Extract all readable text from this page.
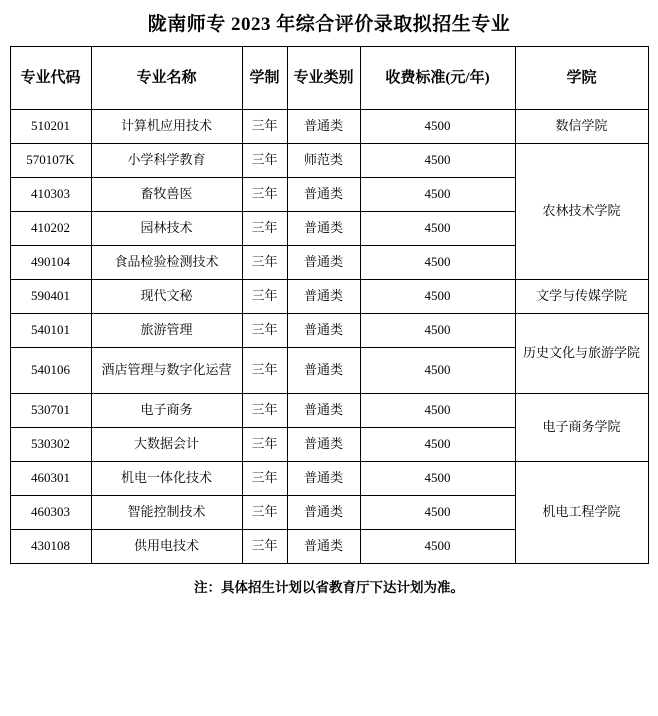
陇南师专 2023 年综合评价录取拟招生专业
专业代码	专业名称	学制	专业类别	收费标准(元/年)	学院
510201	计算机应用技术	三年	普通类	4500	数信学院
570107K	小学科学教育	三年	师范类	4500	农林技术学院
410303	畜牧兽医	三年	普通类	4500	
410202	园林技术	三年	普通类	4500	
490104	食品检验检测技术	三年	普通类	4500	
590401	现代文秘	三年	普通类	4500	文学与传媒学院
540101	旅游管理	三年	普通类	4500	历史文化与旅游学院
540106	酒店管理与数字化运营	三年	普通类	4500	
530701	电子商务	三年	普通类	4500	电子商务学院
530302	大数据会计	三年	普通类	4500	
460301	机电一体化技术	三年	普通类	4500	机电工程学院
460303	智能控制技术	三年	普通类	4500	
430108	供用电技术	三年	普通类	4500	
注：具体招生计划以省教育厅下达计划为准。
